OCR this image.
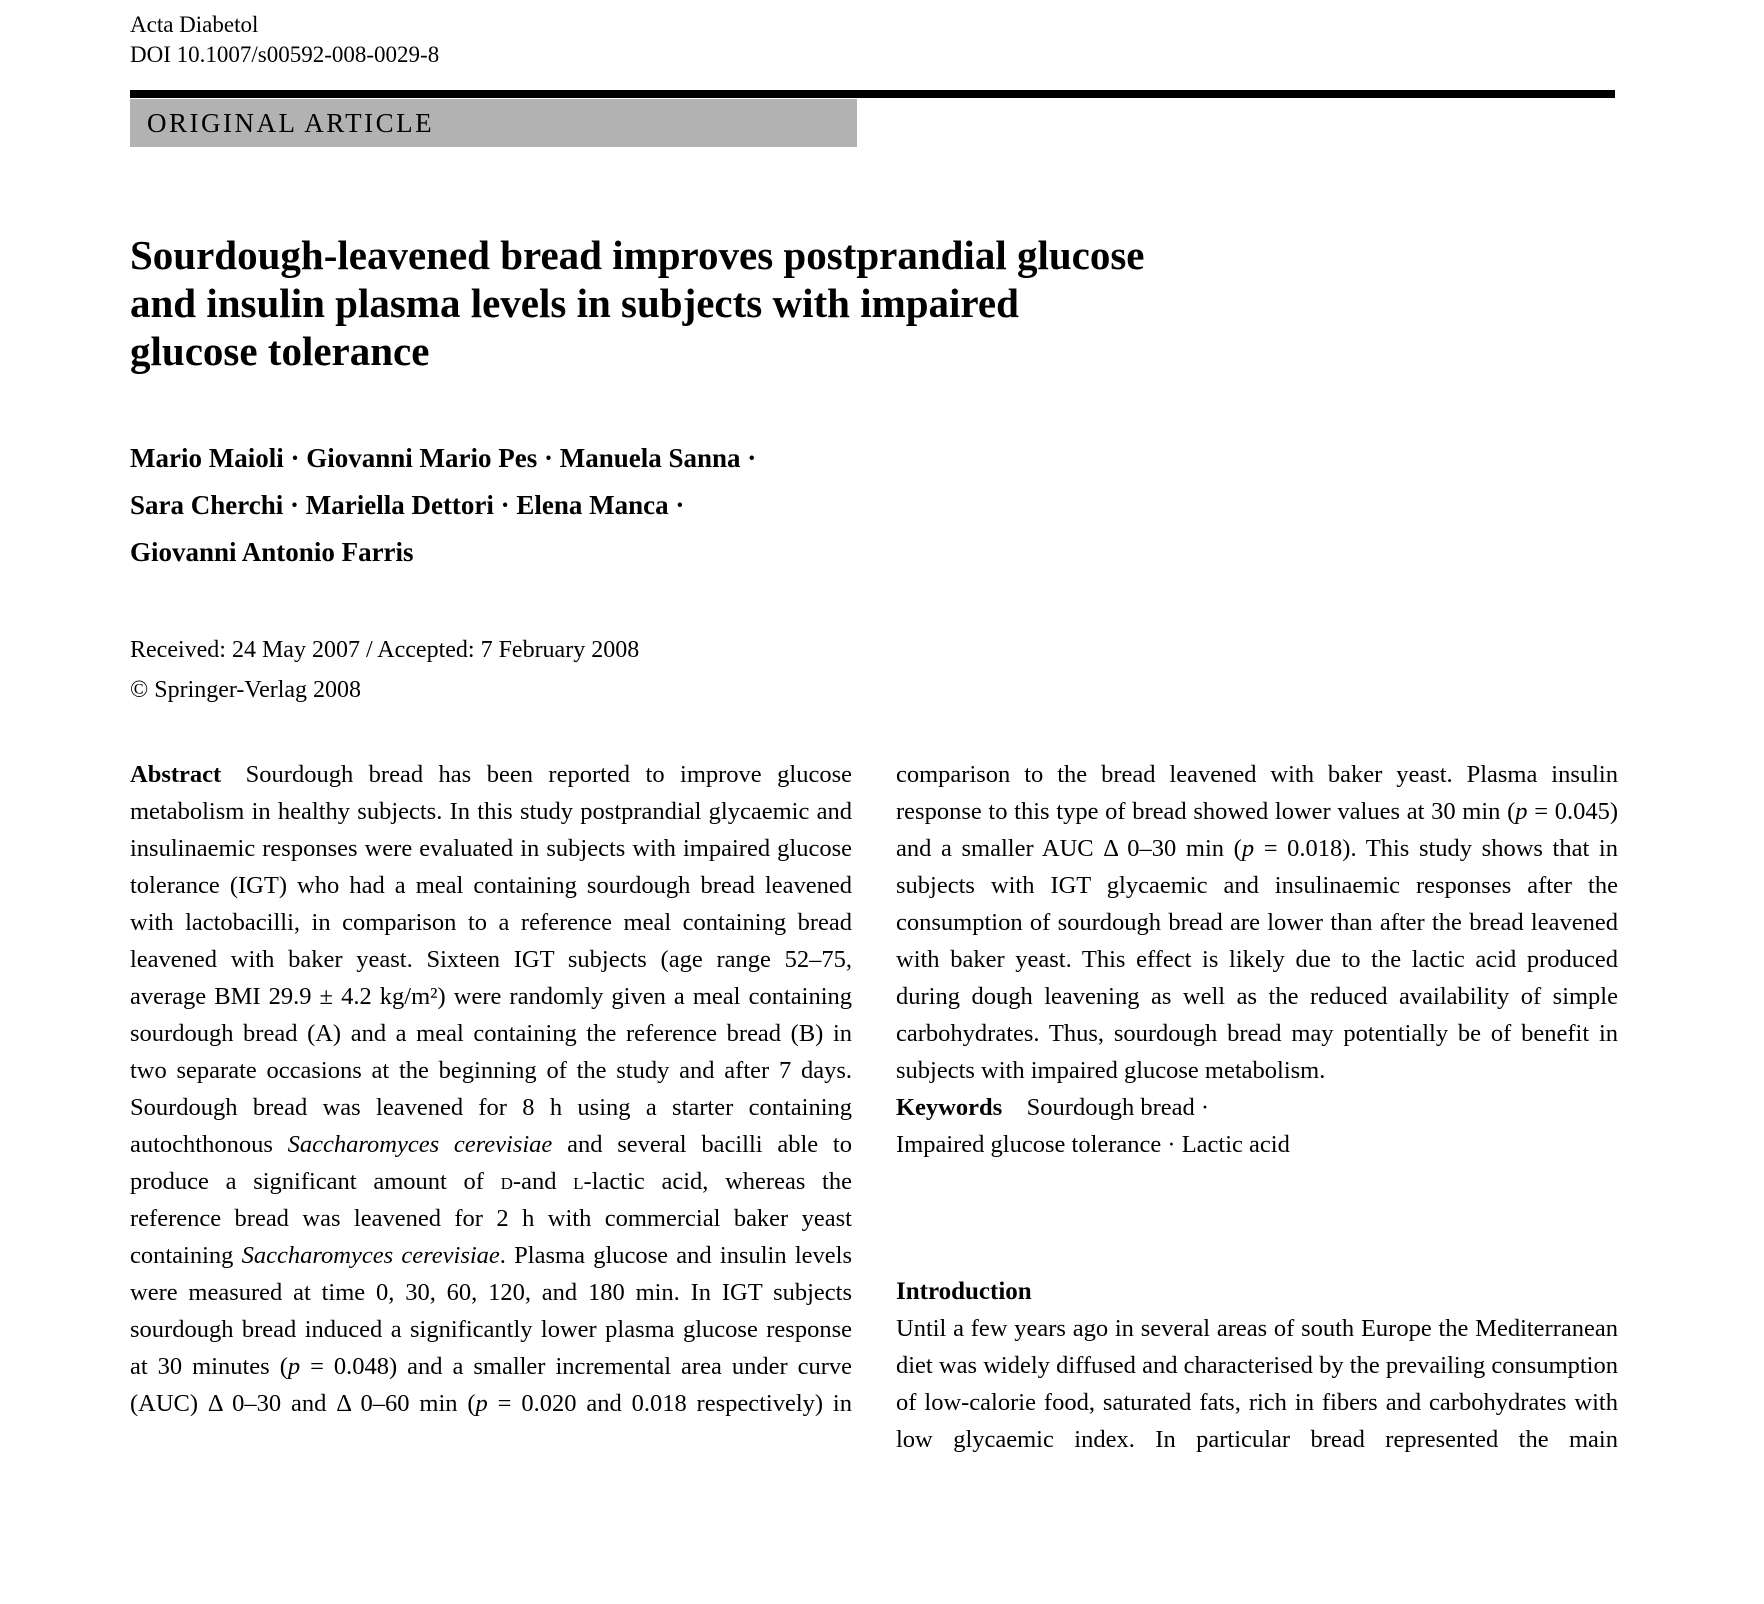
Acta Diabetol
DOI 10.1007/s00592-008-0029-8
ORIGINAL ARTICLE
Sourdough-leavened bread improves postprandial glucose
and insulin plasma levels in subjects with impaired
glucose tolerance
Mario Maioli · Giovanni Mario Pes · Manuela Sanna ·
Sara Cherchi · Mariella Dettori · Elena Manca ·
Giovanni Antonio Farris
Received: 24 May 2007 / Accepted: 7 February 2008
© Springer-Verlag 2008

Abstract Sourdough bread has been reported to improve glucose metabolism in healthy subjects. In this study postprandial glycaemic and insulinaemic responses were evaluated in subjects with impaired glucose tolerance (IGT) who had a meal containing sourdough bread leavened with lactobacilli, in comparison to a reference meal containing bread leavened with baker yeast. Sixteen IGT subjects (age range 52–75, average BMI 29.9 ± 4.2 kg/m²) were randomly given a meal containing sourdough bread (A) and a meal containing the reference bread (B) in two separate occasions at the beginning of the study and after 7 days. Sourdough bread was leavened for 8 h using a starter containing autochthonous Saccharomyces cerevisiae and several bacilli able to produce a significant amount of d-and l-lactic acid, whereas the reference bread was leavened for 2 h with commercial baker yeast containing Saccharomyces cerevisiae. Plasma glucose and insulin levels were measured at time 0, 30, 60, 120, and 180 min. In IGT subjects sourdough bread induced a significantly lower plasma glucose response at 30 minutes (p = 0.048) and a smaller incremental area under curve (AUC) Δ 0–30 and Δ 0–60 min (p = 0.020 and 0.018 respectively) in

comparison to the bread leavened with baker yeast. Plasma insulin response to this type of bread showed lower values at 30 min (p = 0.045) and a smaller AUC Δ 0–30 min (p = 0.018). This study shows that in subjects with IGT glycaemic and insulinaemic responses after the consumption of sourdough bread are lower than after the bread leavened with baker yeast. This effect is likely due to the lactic acid produced during dough leavening as well as the reduced availability of simple carbohydrates. Thus, sourdough bread may potentially be of benefit in subjects with impaired glucose metabolism.

Keywords Sourdough bread ·
Impaired glucose tolerance · Lactic acid

Introduction

Until a few years ago in several areas of south Europe the Mediterranean diet was widely diffused and characterised by the prevailing consumption of low-calorie food, saturated fats, rich in fibers and carbohydrates with low glycaemic index. In particular bread represented the main
